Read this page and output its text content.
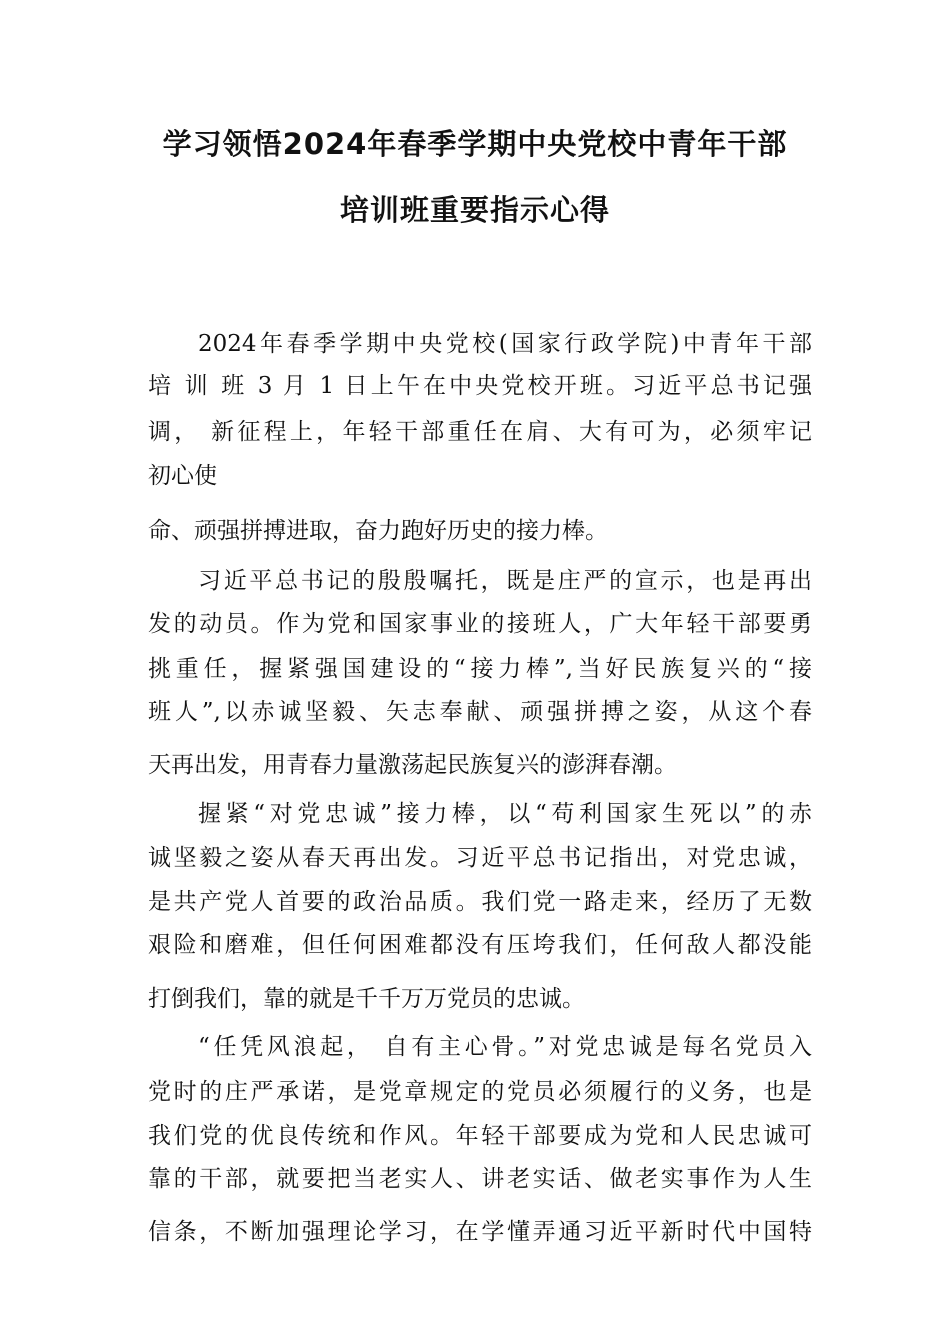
学习领悟2024年春季学期中央党校中青年干部
培训班重要指示心得
2024年春季学期中央党校(国家行政学院)中青年干部
培 训 班 3 月 1 日上午在中央党校开班。习近平总书记强
调， 新征程上，年轻干部重任在肩、大有可为，必须牢记
初心使
命、顽强拼搏进取，奋力跑好历史的接力棒。
习近平总书记的殷殷嘱托，既是庄严的宣示，也是再出
发的动员。作为党和国家事业的接班人，广大年轻干部要勇
挑重任，握紧强国建设的“接力棒”,当好民族复兴的“接
班人”,以赤诚坚毅、矢志奉献、顽强拼搏之姿，从这个春
天再出发，用青春力量激荡起民族复兴的澎湃春潮。
握紧“对党忠诚”接力棒，以“苟利国家生死以”的赤
诚坚毅之姿从春天再出发。习近平总书记指出，对党忠诚，
是共产党人首要的政治品质。我们党一路走来，经历了无数
艰险和磨难，但任何困难都没有压垮我们，任何敌人都没能
打倒我们，靠的就是千千万万党员的忠诚。
“任凭风浪起， 自有主心骨。”对党忠诚是每名党员入
党时的庄严承诺，是党章规定的党员必须履行的义务，也是
我们党的优良传统和作风。年轻干部要成为党和人民忠诚可
靠的干部，就要把当老实人、讲老实话、做老实事作为人生
信条，不断加强理论学习，在学懂弄通习近平新时代中国特
